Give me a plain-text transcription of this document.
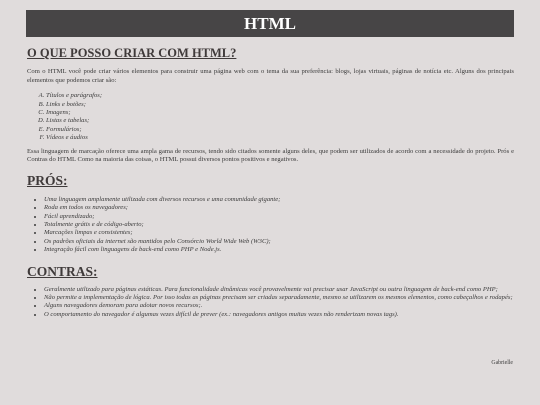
HTML
O QUE POSSO CRIAR COM HTML?

Com o HTML você pode criar vários elementos para construir uma página web com o tema da sua preferência: blogs, lojas virtuais, páginas de notícia etc. Alguns dos principais elementos que podemos criar são:

A. Títulos e parágrafos;
B. Links e botões;
C. Imagens;
D. Listas e tabelas;
E. Formulários;
F. Vídeos e áudios

Essa linguagem de marcação oferece uma ampla gama de recursos, tendo sido citados somente alguns deles, que podem ser utilizados de acordo com a necessidade do projeto. Prós e Contras do HTML Como na maioria das coisas, o HTML possui diversos pontos positivos e negativos.

PRÓS:
• Uma linguagem amplamente utilizada com diversos recursos e uma comunidade gigante;
• Roda em todos os navegadores;
• Fácil aprendizado;
• Totalmente grátis e de código-aberto;
• Marcações limpas e consistentes;
• Os padrões oficiais da internet são mantidos pelo Consórcio World Wide Web (W3C);
• Integração fácil com linguagens de back-end como PHP e Node.js.
CONTRAS:
• Geralmente utilizado para páginas estáticas. Para funcionalidade dinâmicas você provavelmente vai precisar usar JavaScript ou outra linguagem de back-end como PHP;
• Não permite a implementação de lógica. Por isso todas as páginas precisam ser criadas separadamente, mesmo se utilizarem os mesmos elementos, como cabeçalhos e rodapés;
• Alguns navegadores demoram para adotar novos recursos;.
• O comportamento do navegador é algumas vezes difícil de prever (ex.: navegadores antigos muitas vezes não renderizam novas tags).
Gabrielle
